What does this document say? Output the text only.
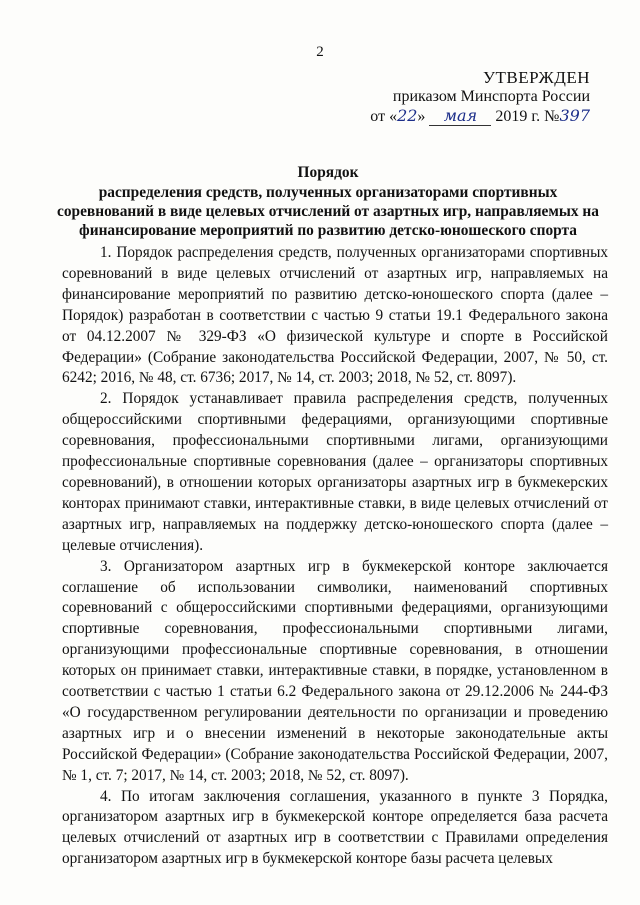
2
УТВЕРЖДЕН
приказом Минспорта России
от «22» мая 2019 г. №397
Порядок
распределения средств, полученных организаторами спортивных
соревнований в виде целевых отчислений от азартных игр, направляемых на
финансирование мероприятий по развитию детско-юношеского спорта

1. Порядок распределения средств, полученных организаторами спортивных соревнований в виде целевых отчислений от азартных игр, направляемых на финансирование мероприятий по развитию детско-юношеского спорта (далее – Порядок) разработан в соответствии с частью 9 статьи 19.1 Федерального закона от 04.12.2007 № 329-ФЗ «О физической культуре и спорте в Российской Федерации» (Собрание законодательства Российской Федерации, 2007, № 50, ст. 6242; 2016, № 48, ст. 6736; 2017, № 14, ст. 2003; 2018, № 52, ст. 8097).

2. Порядок устанавливает правила распределения средств, полученных общероссийскими спортивными федерациями, организующими спортивные соревнования, профессиональными спортивными лигами, организующими профессиональные спортивные соревнования (далее – организаторы спортивных соревнований), в отношении которых организаторы азартных игр в букмекерских конторах принимают ставки, интерактивные ставки, в виде целевых отчислений от азартных игр, направляемых на поддержку детско-юношеского спорта (далее – целевые отчисления).

3. Организатором азартных игр в букмекерской конторе заключается соглашение об использовании символики, наименований спортивных соревнований с общероссийскими спортивными федерациями, организующими спортивные соревнования, профессиональными спортивными лигами, организующими профессиональные спортивные соревнования, в отношении которых он принимает ставки, интерактивные ставки, в порядке, установленном в соответствии с частью 1 статьи 6.2 Федерального закона от 29.12.2006 № 244-ФЗ «О государственном регулировании деятельности по организации и проведению азартных игр и о внесении изменений в некоторые законодательные акты Российской Федерации» (Собрание законодательства Российской Федерации, 2007, № 1, ст. 7; 2017, № 14, ст. 2003; 2018, № 52, ст. 8097).

4. По итогам заключения соглашения, указанного в пункте 3 Порядка, организатором азартных игр в букмекерской конторе определяется база расчета целевых отчислений от азартных игр в соответствии с Правилами определения организатором азартных игр в букмекерской конторе базы расчета целевых
